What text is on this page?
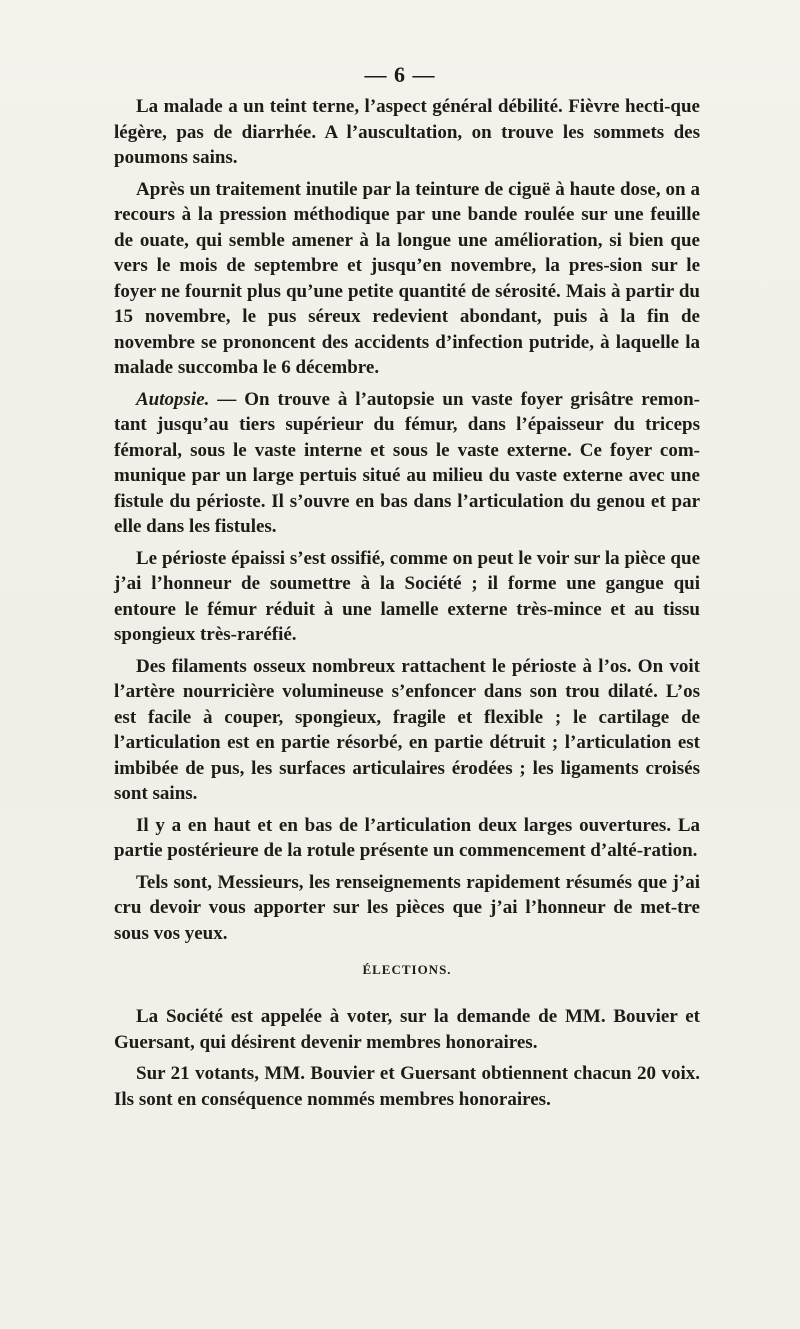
— 6 —

La malade a un teint terne, l’aspect général débilité. Fièvre hecti-que légère, pas de diarrhée. A l’auscultation, on trouve les sommets des poumons sains.

Après un traitement inutile par la teinture de ciguë à haute dose, on a recours à la pression méthodique par une bande roulée sur une feuille de ouate, qui semble amener à la longue une amélioration, si bien que vers le mois de septembre et jusqu’en novembre, la pres-sion sur le foyer ne fournit plus qu’une petite quantité de sérosité. Mais à partir du 15 novembre, le pus séreux redevient abondant, puis à la fin de novembre se prononcent des accidents d’infection putride, à laquelle la malade succomba le 6 décembre.

Autopsie. — On trouve à l’autopsie un vaste foyer grisâtre remon-tant jusqu’au tiers supérieur du fémur, dans l’épaisseur du triceps fémoral, sous le vaste interne et sous le vaste externe. Ce foyer com-munique par un large pertuis situé au milieu du vaste externe avec une fistule du périoste. Il s’ouvre en bas dans l’articulation du genou et par elle dans les fistules.

Le périoste épaissi s’est ossifié, comme on peut le voir sur la pièce que j’ai l’honneur de soumettre à la Société ; il forme une gangue qui entoure le fémur réduit à une lamelle externe très-mince et au tissu spongieux très-raréfié.

Des filaments osseux nombreux rattachent le périoste à l’os. On voit l’artère nourricière volumineuse s’enfoncer dans son trou dilaté. L’os est facile à couper, spongieux, fragile et flexible ; le cartilage de l’articulation est en partie résorbé, en partie détruit ; l’articulation est imbibée de pus, les surfaces articulaires érodées ; les ligaments croisés sont sains.

Il y a en haut et en bas de l’articulation deux larges ouvertures. La partie postérieure de la rotule présente un commencement d’alté-ration.

Tels sont, Messieurs, les renseignements rapidement résumés que j’ai cru devoir vous apporter sur les pièces que j’ai l’honneur de met-tre sous vos yeux.

ÉLECTIONS.

La Société est appelée à voter, sur la demande de MM. Bouvier et Guersant, qui désirent devenir membres honoraires.

Sur 21 votants, MM. Bouvier et Guersant obtiennent chacun 20 voix. Ils sont en conséquence nommés membres honoraires.
